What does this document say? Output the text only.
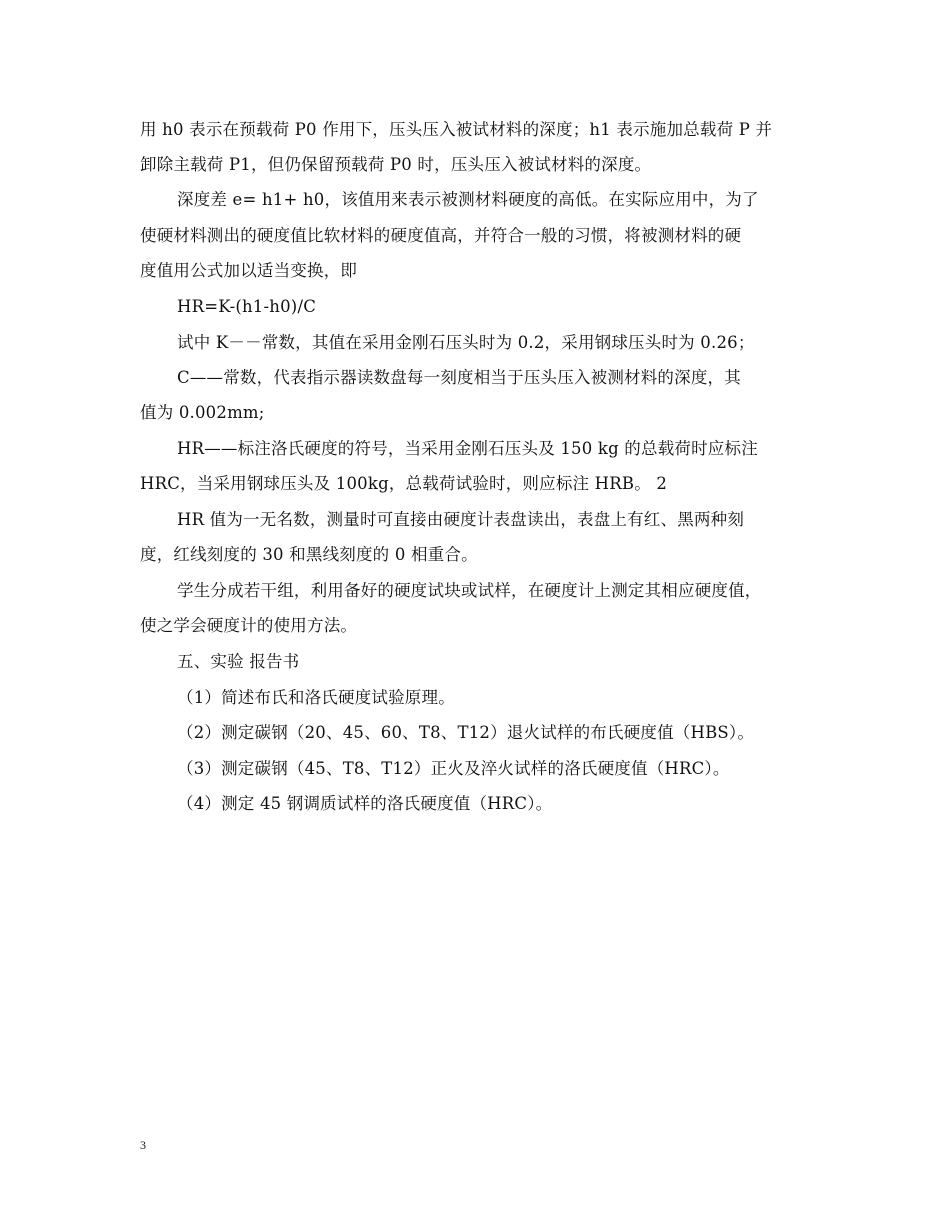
用 h0 表示在预载荷 P0 作用下，压头压入被试材料的深度；h1 表示施加总载荷 P 并
卸除主载荷 P1，但仍保留预载荷 P0 时，压头压入被试材料的深度。
深度差 e= h1+ h0，该值用来表示被测材料硬度的高低。在实际应用中，为了
使硬材料测出的硬度值比软材料的硬度值高，并符合一般的习惯，将被测材料的硬
度值用公式加以适当变换，即
HR=K-(h1-h0)/C
试中 K－－常数，其值在采用金刚石压头时为 0.2，采用钢球压头时为 0.26；
C——常数，代表指示器读数盘每一刻度相当于压头压入被测材料的深度，其
值为 0.002mm;
HR——标注洛氏硬度的符号，当采用金刚石压头及 150 kg 的总载荷时应标注
HRC，当采用钢球压头及 100kg，总载荷试验时，则应标注 HRB。 2
HR 值为一无名数，测量时可直接由硬度计表盘读出，表盘上有红、黑两种刻
度，红线刻度的 30 和黑线刻度的 0 相重合。
学生分成若干组，利用备好的硬度试块或试样，在硬度计上测定其相应硬度值，
使之学会硬度计的使用方法。
五、实验 报告书
（1）简述布氏和洛氏硬度试验原理。
（2）测定碳钢（20、45、60、T8、T12）退火试样的布氏硬度值（HBS）。
（3）测定碳钢（45、T8、T12）正火及淬火试样的洛氏硬度值（HRC）。
（4）测定 45 钢调质试样的洛氏硬度值（HRC）。
3
